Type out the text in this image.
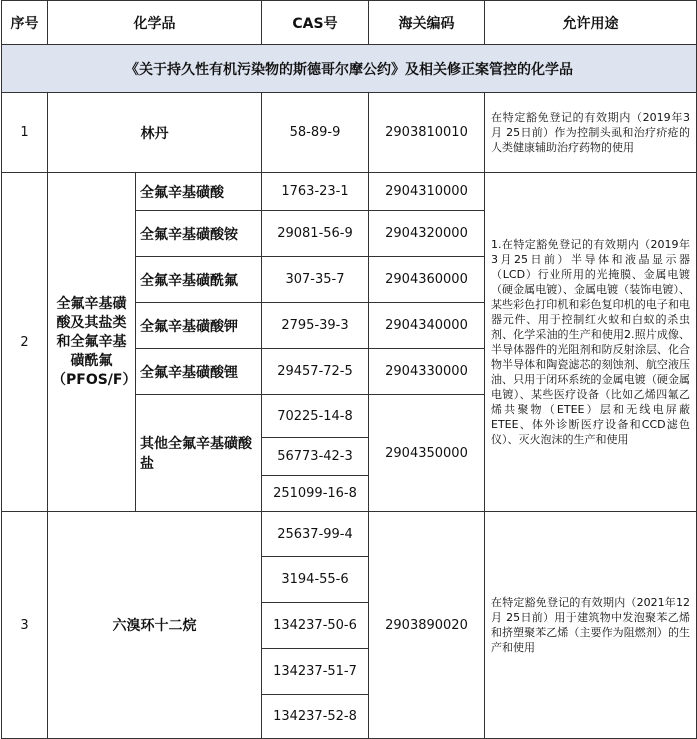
序号	化学品		CAS号	海关编码	允许用途
《关于持久性有机污染物的斯德哥尔摩公约》及相关修正案管控的化学品					
1	林丹		58-89-9	2903810010	在特定豁免登记的有效期内（2019年3月 25日前）作为控制头虱和治疗疥疮的人类健康辅助治疗药物的使用
2	全氟辛基磺酸及其盐类和全氟辛基磺酰氟（PFOS/F）	全氟辛基磺酸	1763-23-1	2904310000	1.在特定豁免登记的有效期内（2019年3月25日前）半导体和液晶显示器（LCD）行业所用的光掩膜、金属电镀（硬金属电镀）、金属电镀（装饰电镀）、某些彩色打印机和彩色复印机的电子和电器元件、用于控制红火蚁和白蚁的杀虫剂、化学采油的生产和使用2.照片成像、半导体器件的光阻剂和防反射涂层、化合物半导体和陶瓷滤芯的刻蚀剂、航空液压油、只用于闭环系统的金属电镀（硬金属电镀）、某些医疗设备（比如乙烯四氟乙烯共聚物（ETEE）层和无线电屏蔽ETEE、体外诊断医疗设备和CCD滤色仪）、灭火泡沫的生产和使用
		全氟辛基磺酸铵	29081-56-9	2904320000	
		全氟辛基磺酰氟	307-35-7	2904360000	
		全氟辛基磺酸钾	2795-39-3	2904340000	
		全氟辛基磺酸锂	29457-72-5	2904330000	
		其他全氟辛基磺酸盐	70225-14-8	2904350000	
			56773-42-3		
			251099-16-8		
3	六溴环十二烷		25637-99-4	2903890020	在特定豁免登记的有效期内（2021年12月 25日前）用于建筑物中发泡聚苯乙烯和挤塑聚苯乙烯（主要作为阻燃剂）的生产和使用
			3194-55-6		
			134237-50-6		
			134237-51-7		
			134237-52-8		
